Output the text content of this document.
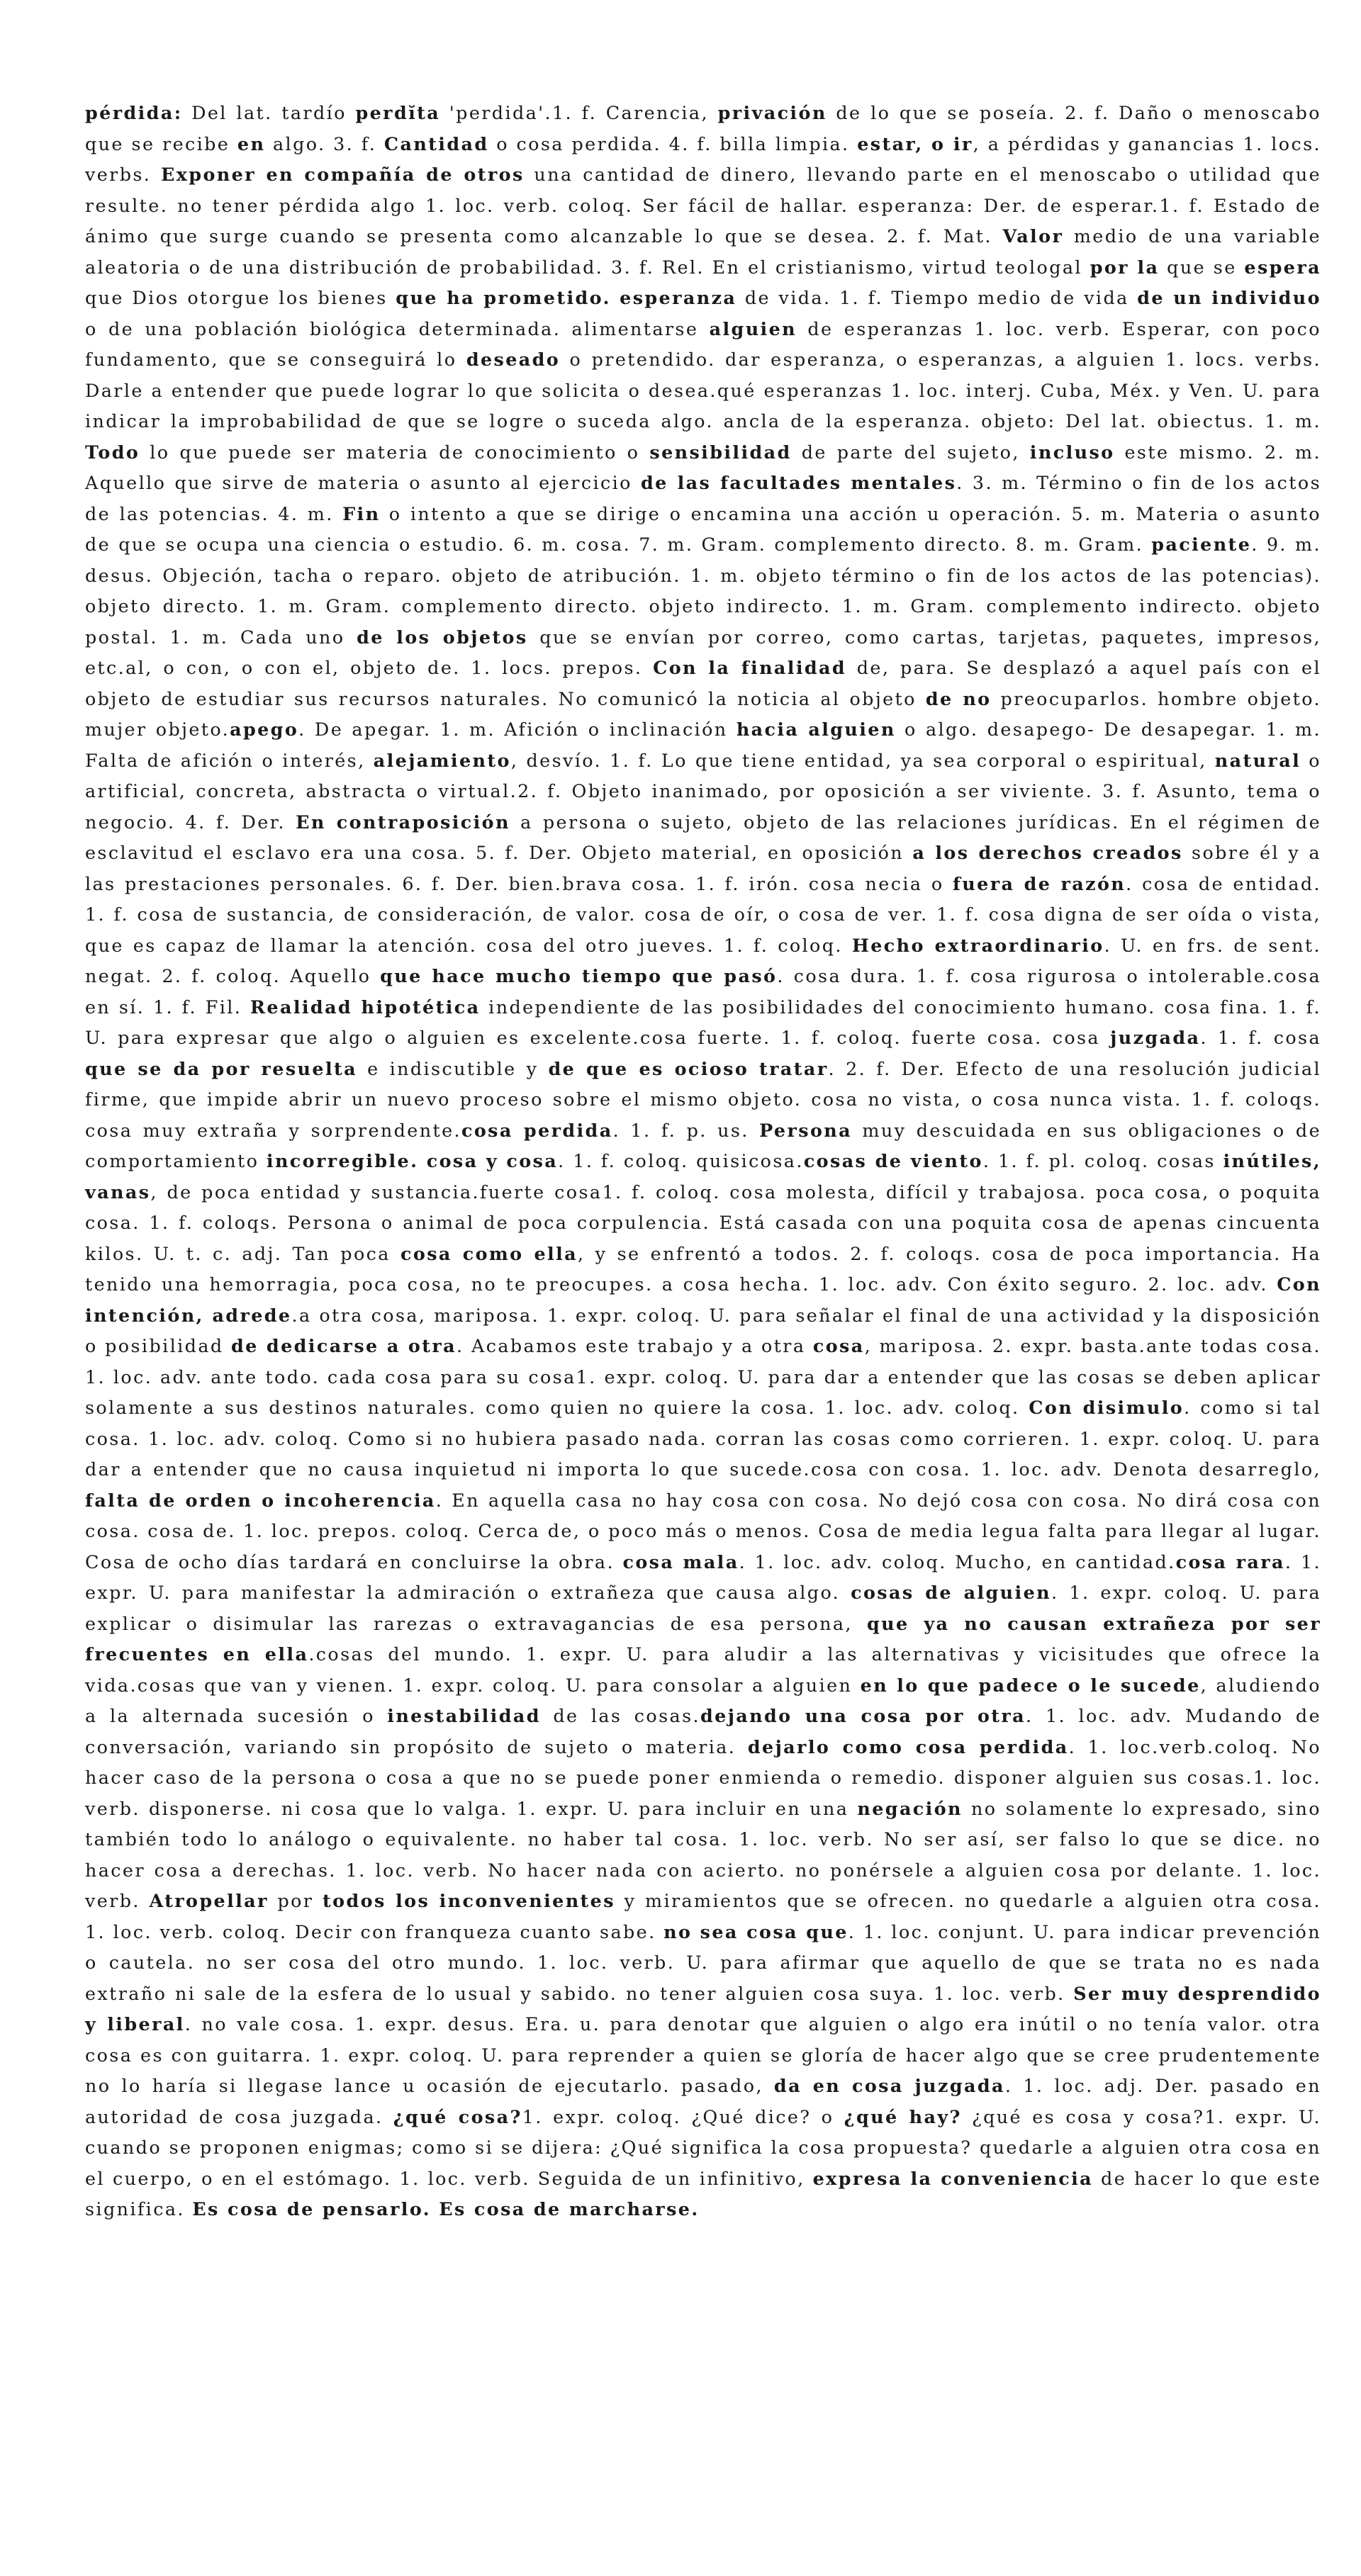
pérdida: Del lat. tardío perdĭta 'perdida'.1. f. Carencia, privación de lo que se poseía. 2. f. Daño o menoscabo que se recibe en algo. 3. f. Cantidad o cosa perdida. 4. f. billa limpia. estar, o ir, a pérdidas y ganancias 1. locs. verbs. Exponer en compañía de otros una cantidad de dinero, llevando parte en el menoscabo o utilidad que resulte. no tener pérdida algo 1. loc. verb. coloq. Ser fácil de hallar. esperanza: Der. de esperar.1. f. Estado de ánimo que surge cuando se presenta como alcanzable lo que se desea. 2. f. Mat. Valor medio de una variable aleatoria o de una distribución de probabilidad. 3. f. Rel. En el cristianismo, virtud teologal por la que se espera que Dios otorgue los bienes que ha prometido. esperanza de vida. 1. f. Tiempo medio de vida de un individuo o de una población biológica determinada. alimentarse alguien de esperanzas 1. loc. verb. Esperar, con poco fundamento, que se conseguirá lo deseado o pretendido. dar esperanza, o esperanzas, a alguien 1. locs. verbs. Darle a entender que puede lograr lo que solicita o desea.qué esperanzas 1. loc. interj. Cuba, Méx. y Ven. U. para indicar la improbabilidad de que se logre o suceda algo. ancla de la esperanza. objeto: Del lat. obiectus. 1. m. Todo lo que puede ser materia de conocimiento o sensibilidad de parte del sujeto, incluso este mismo. 2. m. Aquello que sirve de materia o asunto al ejercicio de las facultades mentales. 3. m. Término o fin de los actos de las potencias. 4. m. Fin o intento a que se dirige o encamina una acción u operación. 5. m. Materia o asunto de que se ocupa una ciencia o estudio. 6. m. cosa. 7. m. Gram. complemento directo. 8. m. Gram. paciente. 9. m. desus. Objeción, tacha o reparo. objeto de atribución. 1. m. objeto término o fin de los actos de las potencias). objeto directo. 1. m. Gram. complemento directo. objeto indirecto. 1. m. Gram. complemento indirecto. objeto postal. 1. m. Cada uno de los objetos que se envían por correo, como cartas, tarjetas, paquetes, impresos, etc.al, o con, o con el, objeto de. 1. locs. prepos. Con la finalidad de, para. Se desplazó a aquel país con el objeto de estudiar sus recursos naturales. No comunicó la noticia al objeto de no preocuparlos. hombre objeto. mujer objeto.apego. De apegar. 1. m. Afición o inclinación hacia alguien o algo. desapego- De desapegar. 1. m. Falta de afición o interés, alejamiento, desvío. 1. f. Lo que tiene entidad, ya sea corporal o espiritual, natural o artificial, concreta, abstracta o virtual.2. f. Objeto inanimado, por oposición a ser viviente. 3. f. Asunto, tema o negocio. 4. f. Der. En contraposición a persona o sujeto, objeto de las relaciones jurídicas. En el régimen de esclavitud el esclavo era una cosa. 5. f. Der. Objeto material, en oposición a los derechos creados sobre él y a las prestaciones personales. 6. f. Der. bien.brava cosa. 1. f. irón. cosa necia o fuera de razón. cosa de entidad. 1. f. cosa de sustancia, de consideración, de valor. cosa de oír, o cosa de ver. 1. f. cosa digna de ser oída o vista, que es capaz de llamar la atención. cosa del otro jueves. 1. f. coloq. Hecho extraordinario. U. en frs. de sent. negat. 2. f. coloq. Aquello que hace mucho tiempo que pasó. cosa dura. 1. f. cosa rigurosa o intolerable.cosa en sí. 1. f. Fil. Realidad hipotética independiente de las posibilidades del conocimiento humano. cosa fina. 1. f. U. para expresar que algo o alguien es excelente.cosa fuerte. 1. f. coloq. fuerte cosa. cosa juzgada. 1. f. cosa que se da por resuelta e indiscutible y de que es ocioso tratar. 2. f. Der. Efecto de una resolución judicial firme, que impide abrir un nuevo proceso sobre el mismo objeto. cosa no vista, o cosa nunca vista. 1. f. coloqs. cosa muy extraña y sorprendente.cosa perdida. 1. f. p. us. Persona muy descuidada en sus obligaciones o de comportamiento incorregible. cosa y cosa. 1. f. coloq. quisicosa.cosas de viento. 1. f. pl. coloq. cosas inútiles, vanas, de poca entidad y sustancia.fuerte cosa1. f. coloq. cosa molesta, difícil y trabajosa. poca cosa, o poquita cosa. 1. f. coloqs. Persona o animal de poca corpulencia. Está casada con una poquita cosa de apenas cincuenta kilos. U. t. c. adj. Tan poca cosa como ella, y se enfrentó a todos. 2. f. coloqs. cosa de poca importancia. Ha tenido una hemorragia, poca cosa, no te preocupes. a cosa hecha. 1. loc. adv. Con éxito seguro. 2. loc. adv. Con intención, adrede.a otra cosa, mariposa. 1. expr. coloq. U. para señalar el final de una actividad y la disposición o posibilidad de dedicarse a otra. Acabamos este trabajo y a otra cosa, mariposa. 2. expr. basta.ante todas cosa. 1. loc. adv. ante todo. cada cosa para su cosa1. expr. coloq. U. para dar a entender que las cosas se deben aplicar solamente a sus destinos naturales. como quien no quiere la cosa. 1. loc. adv. coloq. Con disimulo. como si tal cosa. 1. loc. adv. coloq. Como si no hubiera pasado nada. corran las cosas como corrieren. 1. expr. coloq. U. para dar a entender que no causa inquietud ni importa lo que sucede.cosa con cosa. 1. loc. adv. Denota desarreglo, falta de orden o incoherencia. En aquella casa no hay cosa con cosa. No dejó cosa con cosa. No dirá cosa con cosa. cosa de. 1. loc. prepos. coloq. Cerca de, o poco más o menos. Cosa de media legua falta para llegar al lugar. Cosa de ocho días tardará en concluirse la obra. cosa mala. 1. loc. adv. coloq. Mucho, en cantidad.cosa rara. 1. expr. U. para manifestar la admiración o extrañeza que causa algo. cosas de alguien. 1. expr. coloq. U. para explicar o disimular las rarezas o extravagancias de esa persona, que ya no causan extrañeza por ser frecuentes en ella.cosas del mundo. 1. expr. U. para aludir a las alternativas y vicisitudes que ofrece la vida.cosas que van y vienen. 1. expr. coloq. U. para consolar a alguien en lo que padece o le sucede, aludiendo a la alternada sucesión o inestabilidad de las cosas.dejando una cosa por otra. 1. loc. adv. Mudando de conversación, variando sin propósito de sujeto o materia. dejarlo como cosa perdida. 1. loc.verb.coloq. No hacer caso de la persona o cosa a que no se puede poner enmienda o remedio. disponer alguien sus cosas.1. loc. verb. disponerse. ni cosa que lo valga. 1. expr. U. para incluir en una negación no solamente lo expresado, sino también todo lo análogo o equivalente. no haber tal cosa. 1. loc. verb. No ser así, ser falso lo que se dice. no hacer cosa a derechas. 1. loc. verb. No hacer nada con acierto. no ponérsele a alguien cosa por delante. 1. loc. verb. Atropellar por todos los inconvenientes y miramientos que se ofrecen. no quedarle a alguien otra cosa. 1. loc. verb. coloq. Decir con franqueza cuanto sabe. no sea cosa que. 1. loc. conjunt. U. para indicar prevención o cautela. no ser cosa del otro mundo. 1. loc. verb. U. para afirmar que aquello de que se trata no es nada extraño ni sale de la esfera de lo usual y sabido. no tener alguien cosa suya. 1. loc. verb. Ser muy desprendido y liberal. no vale cosa. 1. expr. desus. Era. u. para denotar que alguien o algo era inútil o no tenía valor. otra cosa es con guitarra. 1. expr. coloq. U. para reprender a quien se gloría de hacer algo que se cree prudentemente no lo haría si llegase lance u ocasión de ejecutarlo. pasado, da en cosa juzgada. 1. loc. adj. Der. pasado en autoridad de cosa juzgada. ¿qué cosa?1. expr. coloq. ¿Qué dice? o ¿qué hay? ¿qué es cosa y cosa?1. expr. U. cuando se proponen enigmas; como si se dijera: ¿Qué significa la cosa propuesta? quedarle a alguien otra cosa en el cuerpo, o en el estómago. 1. loc. verb. Seguida de un infinitivo, expresa la conveniencia de hacer lo que este significa. Es cosa de pensarlo. Es cosa de marcharse.
